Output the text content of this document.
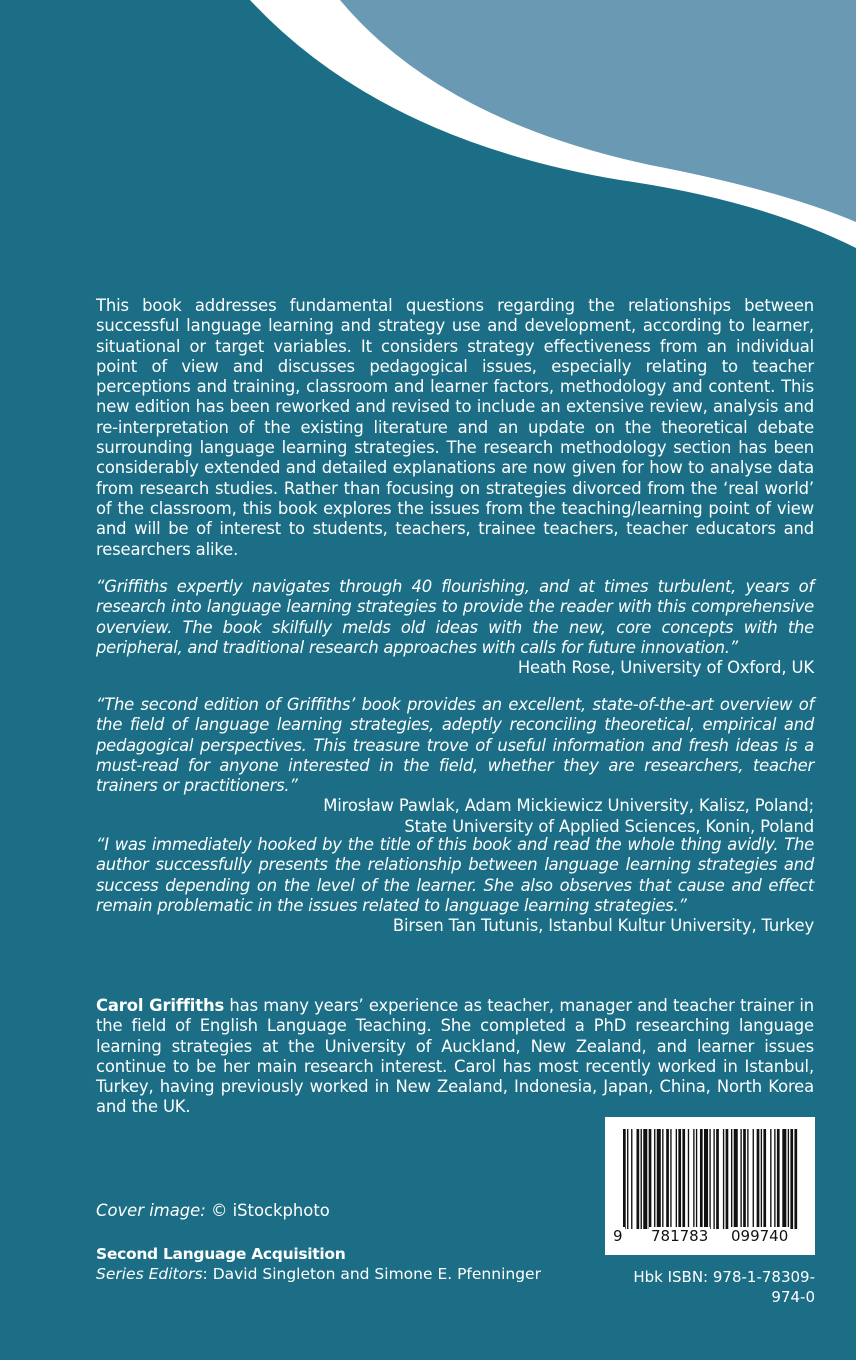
This book addresses fundamental questions regarding the relationships between successful language learning and strategy use and development, according to learner, situational or target variables. It considers strategy effectiveness from an individual point of view and discusses pedagogical issues, especially relating to teacher perceptions and training, classroom and learner factors, methodology and content. This new edition has been reworked and revised to include an extensive review, analysis and re-interpretation of the existing literature and an update on the theoretical debate surrounding language learning strategies. The research methodology section has been considerably extended and detailed explanations are now given for how to analyse data from research studies. Rather than focusing on strategies divorced from the ‘real world’ of the classroom, this book explores the issues from the teaching/learning point of view and will be of interest to students, teachers, trainee teachers, teacher educators and researchers alike.

“Griffiths expertly navigates through 40 flourishing, and at times turbulent, years of research into language learning strategies to provide the reader with this comprehensive overview. The book skilfully melds old ideas with the new, core concepts with the peripheral, and traditional research approaches with calls for future innovation.”

Heath Rose, University of Oxford, UK

“The second edition of Griffiths’ book provides an excellent, state-of-the-art overview of the field of language learning strategies, adeptly reconciling theoretical, empirical and pedagogical perspectives. This treasure trove of useful information and fresh ideas is a must-read for anyone interested in the field, whether they are researchers, teacher trainers or practitioners.”

Mirosław Pawlak, Adam Mickiewicz University, Kalisz, Poland;

State University of Applied Sciences, Konin, Poland

“I was immediately hooked by the title of this book and read the whole thing avidly. The author successfully presents the relationship between language learning strategies and success depending on the level of the learner. She also observes that cause and effect remain problematic in the issues related to language learning strategies.”

Birsen Tan Tutunis, Istanbul Kultur University, Turkey

Carol Griffiths has many years’ experience as teacher, manager and teacher trainer in the field of English Language Teaching. She completed a PhD researching language learning strategies at the University of Auckland, New Zealand, and learner issues continue to be her main research interest. Carol has most recently worked in Istanbul, Turkey, having previously worked in New Zealand, Indonesia, Japan, China, North Korea and the UK.

Cover image: © iStockphoto
Second Language Acquisition
Series Editors: David Singleton and Simone E. Pfenninger
9 781783 099740
Hbk ISBN: 978-1-78309-974-0
